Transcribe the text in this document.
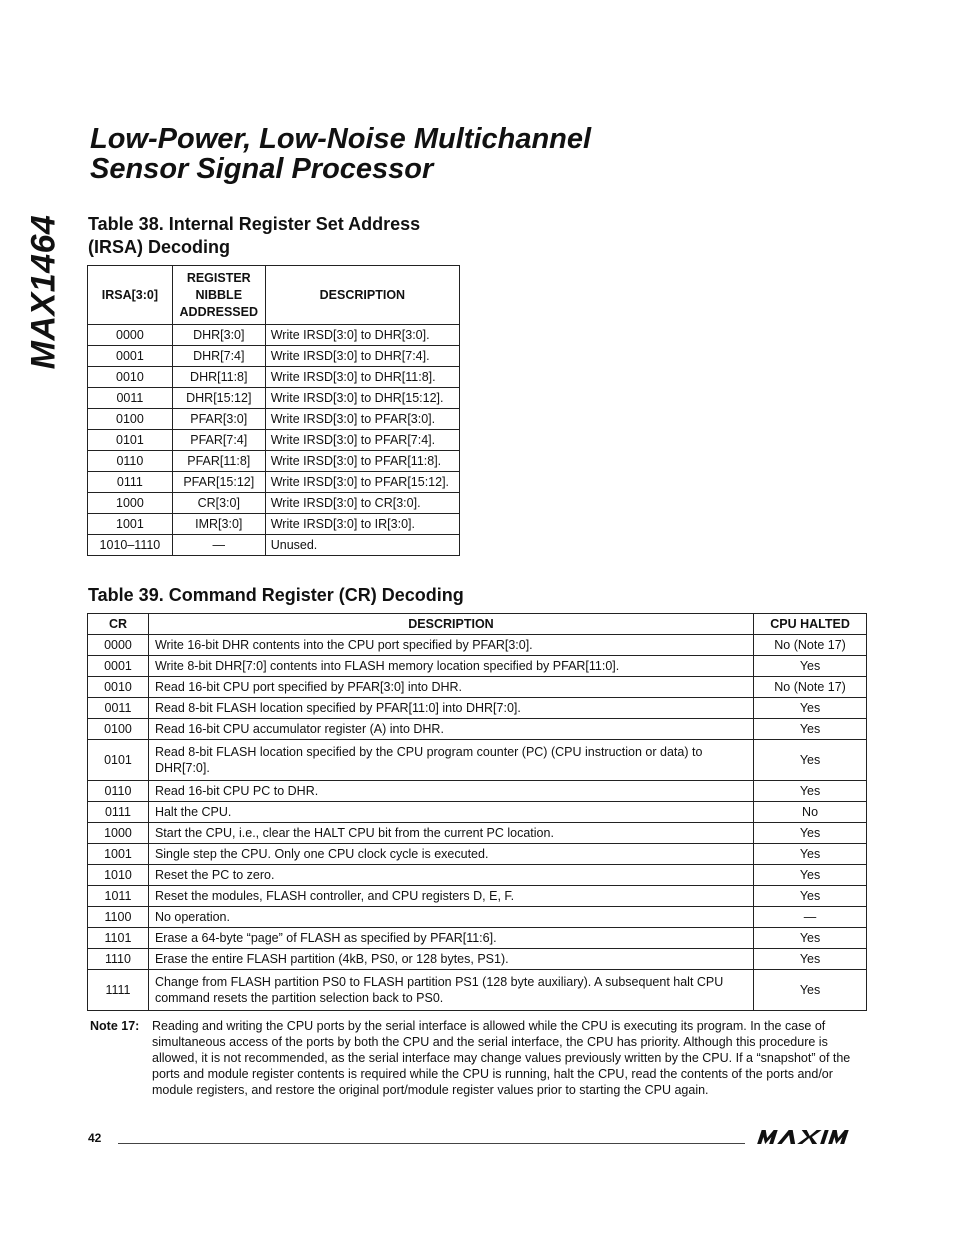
MAX1464
Low-Power, Low-Noise Multichannel
Sensor Signal Processor
Table 38. Internal Register Set Address
(IRSA) Decoding
IRSA[3:0]	REGISTER
NIBBLE
ADDRESSED	DESCRIPTION
0000	DHR[3:0]	Write IRSD[3:0] to DHR[3:0].
0001	DHR[7:4]	Write IRSD[3:0] to DHR[7:4].
0010	DHR[11:8]	Write IRSD[3:0] to DHR[11:8].
0011	DHR[15:12]	Write IRSD[3:0] to DHR[15:12].
0100	PFAR[3:0]	Write IRSD[3:0] to PFAR[3:0].
0101	PFAR[7:4]	Write IRSD[3:0] to PFAR[7:4].
0110	PFAR[11:8]	Write IRSD[3:0] to PFAR[11:8].
0111	PFAR[15:12]	Write IRSD[3:0] to PFAR[15:12].
1000	CR[3:0]	Write IRSD[3:0] to CR[3:0].
1001	IMR[3:0]	Write IRSD[3:0] to IR[3:0].
1010–1110	—	Unused.
Table 39. Command Register (CR) Decoding
CR	DESCRIPTION	CPU HALTED
0000	Write 16-bit DHR contents into the CPU port specified by PFAR[3:0].	No (Note 17)
0001	Write 8-bit DHR[7:0] contents into FLASH memory location specified by PFAR[11:0].	Yes
0010	Read 16-bit CPU port specified by PFAR[3:0] into DHR.	No (Note 17)
0011	Read 8-bit FLASH location specified by PFAR[11:0] into DHR[7:0].	Yes
0100	Read 16-bit CPU accumulator register (A) into DHR.	Yes
0101	Read 8-bit FLASH location specified by the CPU program counter (PC) (CPU instruction or data) to DHR[7:0].	Yes
0110	Read 16-bit CPU PC to DHR.	Yes
0111	Halt the CPU.	No
1000	Start the CPU, i.e., clear the HALT CPU bit from the current PC location.	Yes
1001	Single step the CPU. Only one CPU clock cycle is executed.	Yes
1010	Reset the PC to zero.	Yes
1011	Reset the modules, FLASH controller, and CPU registers D, E, F.	Yes
1100	No operation.	—
1101	Erase a 64-byte “page” of FLASH as specified by PFAR[11:6].	Yes
1110	Erase the entire FLASH partition (4kB, PS0, or 128 bytes, PS1).	Yes
1111	Change from FLASH partition PS0 to FLASH partition PS1 (128 byte auxiliary). A subsequent halt CPU command resets the partition selection back to PS0.	Yes
Note 17: Reading and writing the CPU ports by the serial interface is allowed while the CPU is executing its program. In the case of simultaneous access of the ports by both the CPU and the serial interface, the CPU has priority. Although this procedure is allowed, it is not recommended, as the serial interface may change values previously written by the CPU. If a “snapshot” of the ports and module register contents is required while the CPU is running, halt the CPU, read the contents of the ports and/or module registers, and restore the original port/module register values prior to starting the CPU again.
42
